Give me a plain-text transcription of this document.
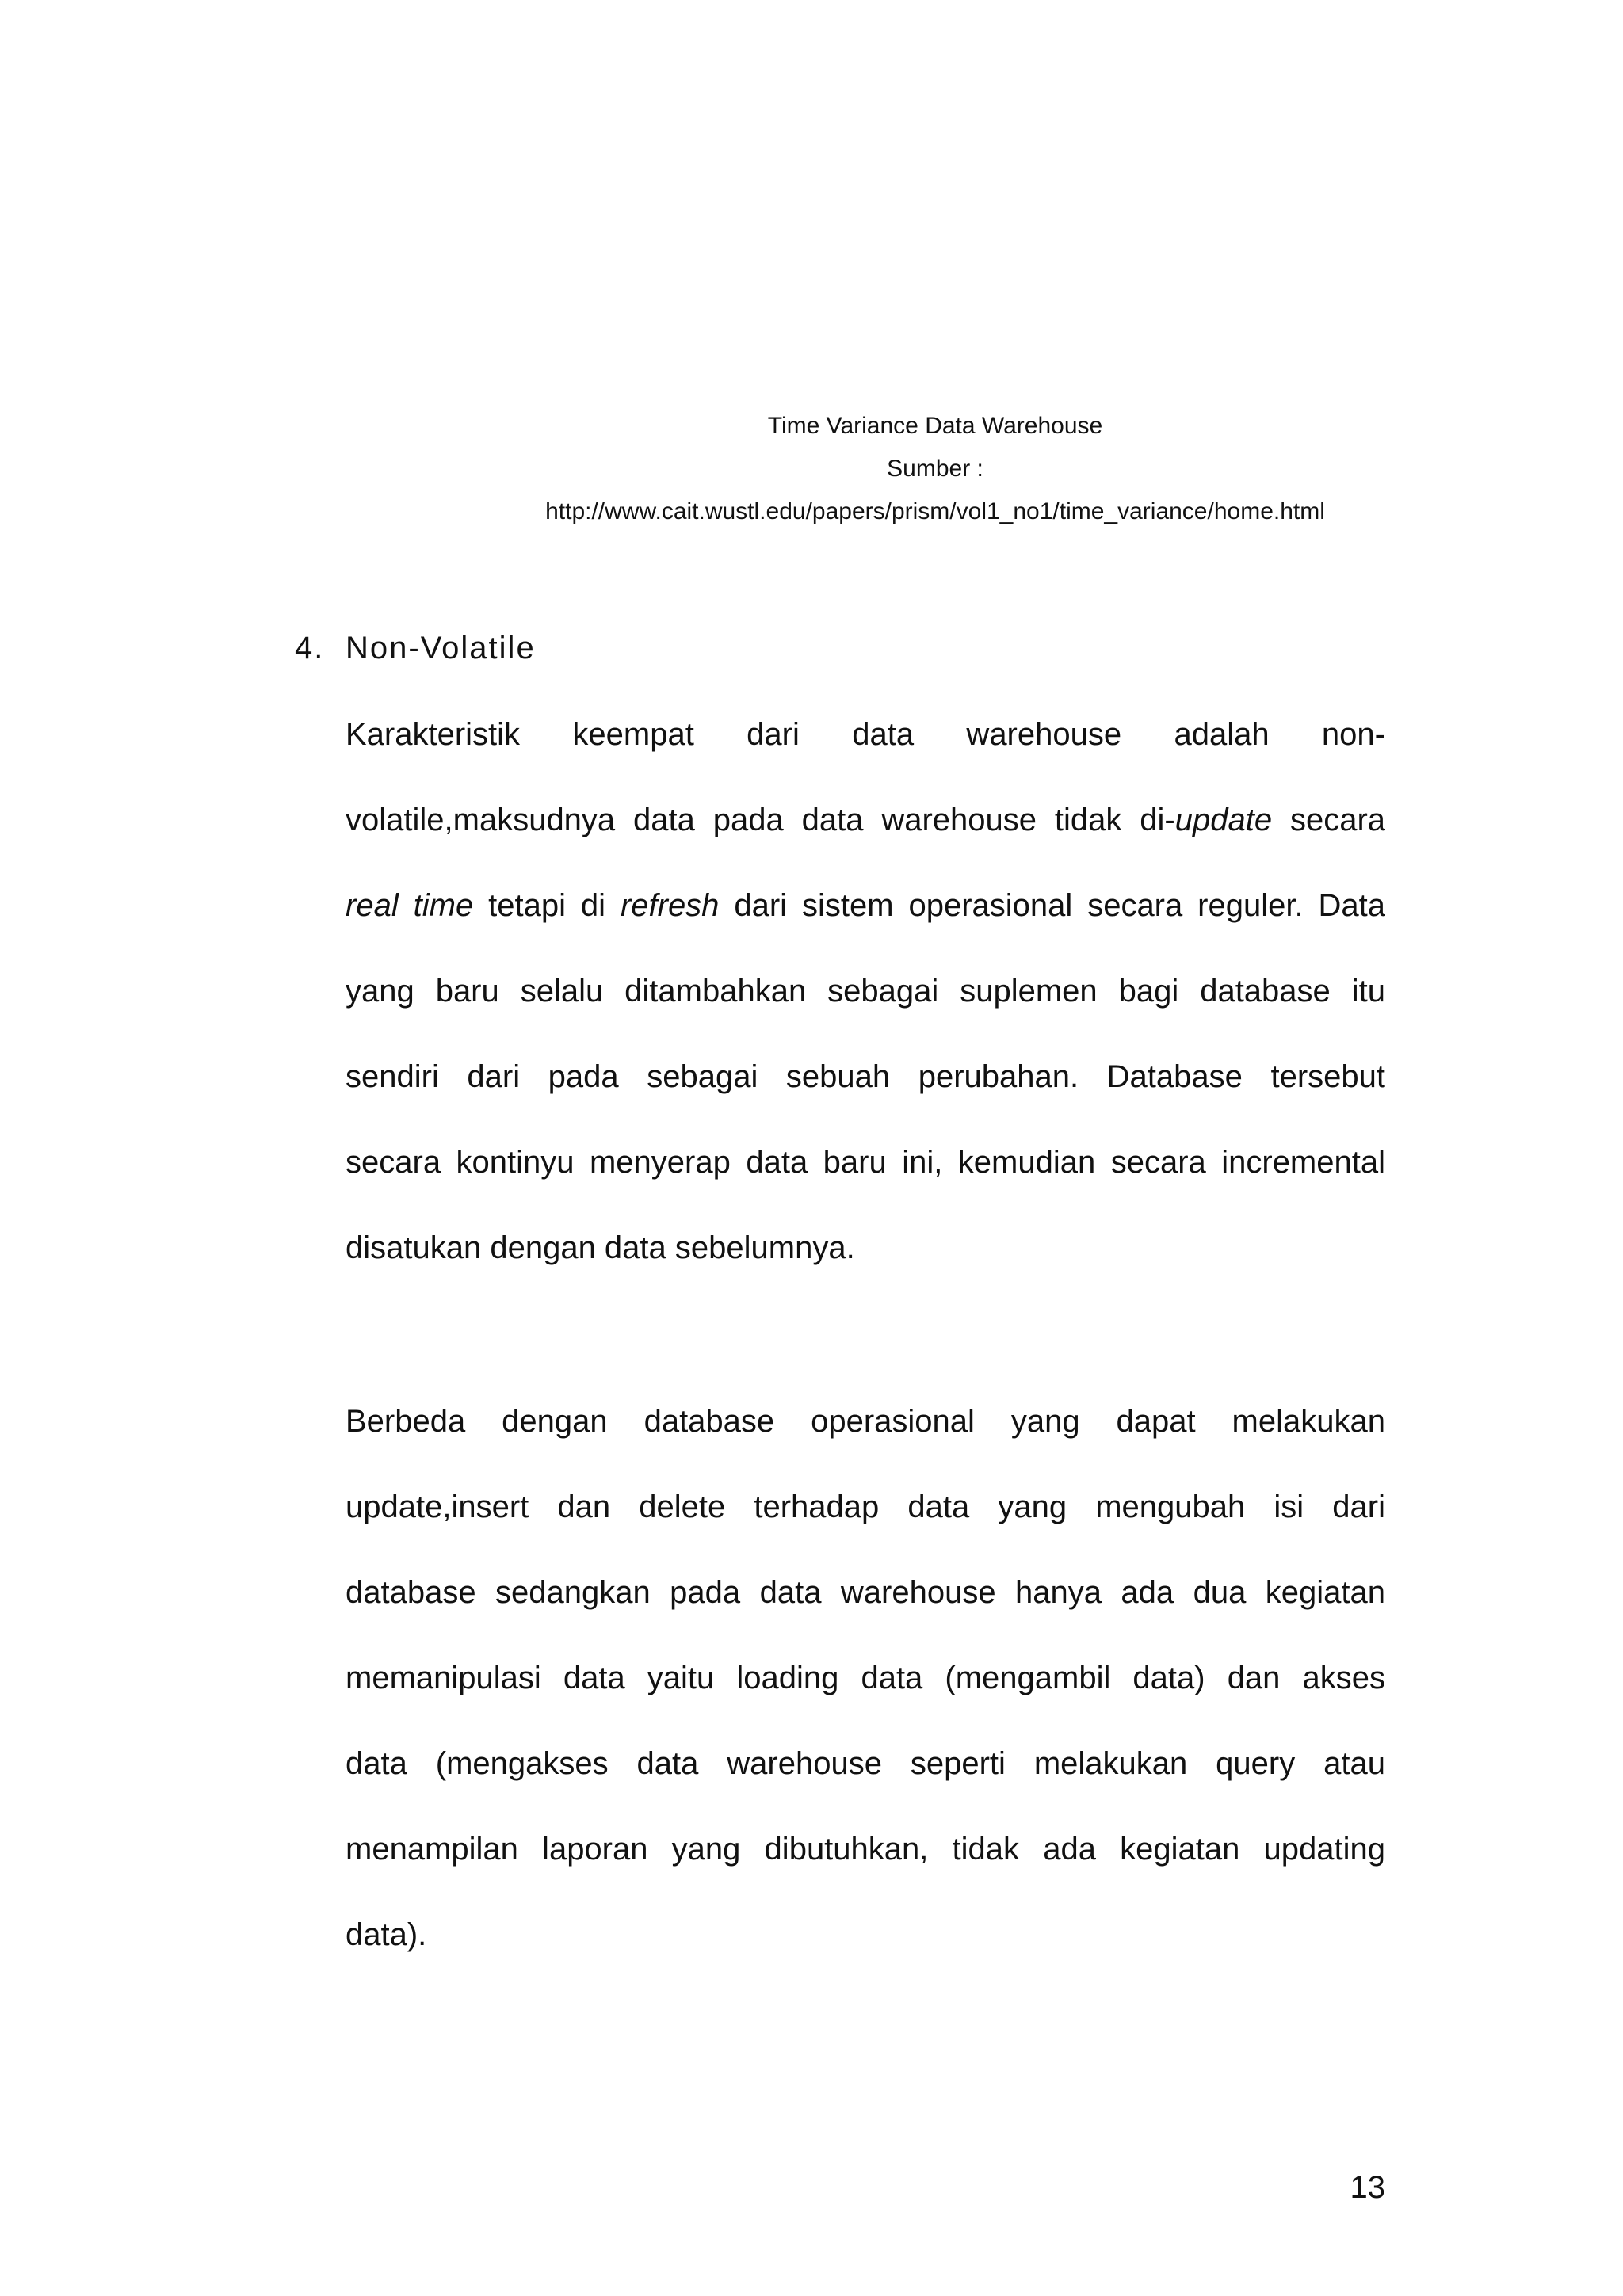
Time Variance Data Warehouse
Sumber :
http://www.cait.wustl.edu/papers/prism/vol1_no1/time_variance/home.html
4. Non-Volatile
Karakteristik keempat dari data warehouse adalah non-
volatile,maksudnya data pada data warehouse tidak di-update secara
real time tetapi di refresh dari sistem operasional secara reguler. Data
yang baru selalu ditambahkan sebagai suplemen bagi database itu
sendiri dari pada sebagai sebuah perubahan. Database tersebut
secara kontinyu menyerap data baru ini, kemudian secara incremental
disatukan dengan data sebelumnya.
Berbeda dengan database operasional yang dapat melakukan
update,insert dan delete terhadap data yang mengubah isi dari
database sedangkan pada data warehouse hanya ada dua kegiatan
memanipulasi data yaitu loading data (mengambil data) dan akses
data (mengakses data warehouse seperti melakukan query atau
menampilan laporan yang dibutuhkan, tidak ada kegiatan updating
data).
13
